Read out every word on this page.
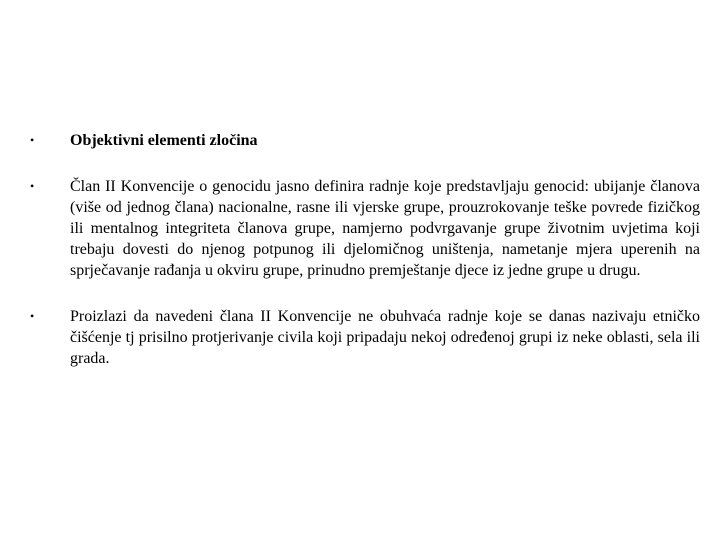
• Objektivni elementi zločina
• Član II Konvencije o genocidu jasno definira radnje koje predstavljaju genocid: ubijanje članova (više od jednog člana) nacionalne, rasne ili vjerske grupe, prouzrokovanje teške povrede fizičkog ili mentalnog integriteta članova grupe, namjerno podvrgavanje grupe životnim uvjetima koji trebaju dovesti do njenog potpunog ili djelomičnog uništenja, nametanje mjera uperenih na sprječavanje rađanja u okviru grupe, prinudno premještanje djece iz jedne grupe u drugu.
• Proizlazi da navedeni člana II Konvencije ne obuhvaća radnje koje se danas nazivaju etničko čišćenje tj prisilno protjerivanje civila koji pripadaju nekoj određenoj grupi iz neke oblasti, sela ili grada.
